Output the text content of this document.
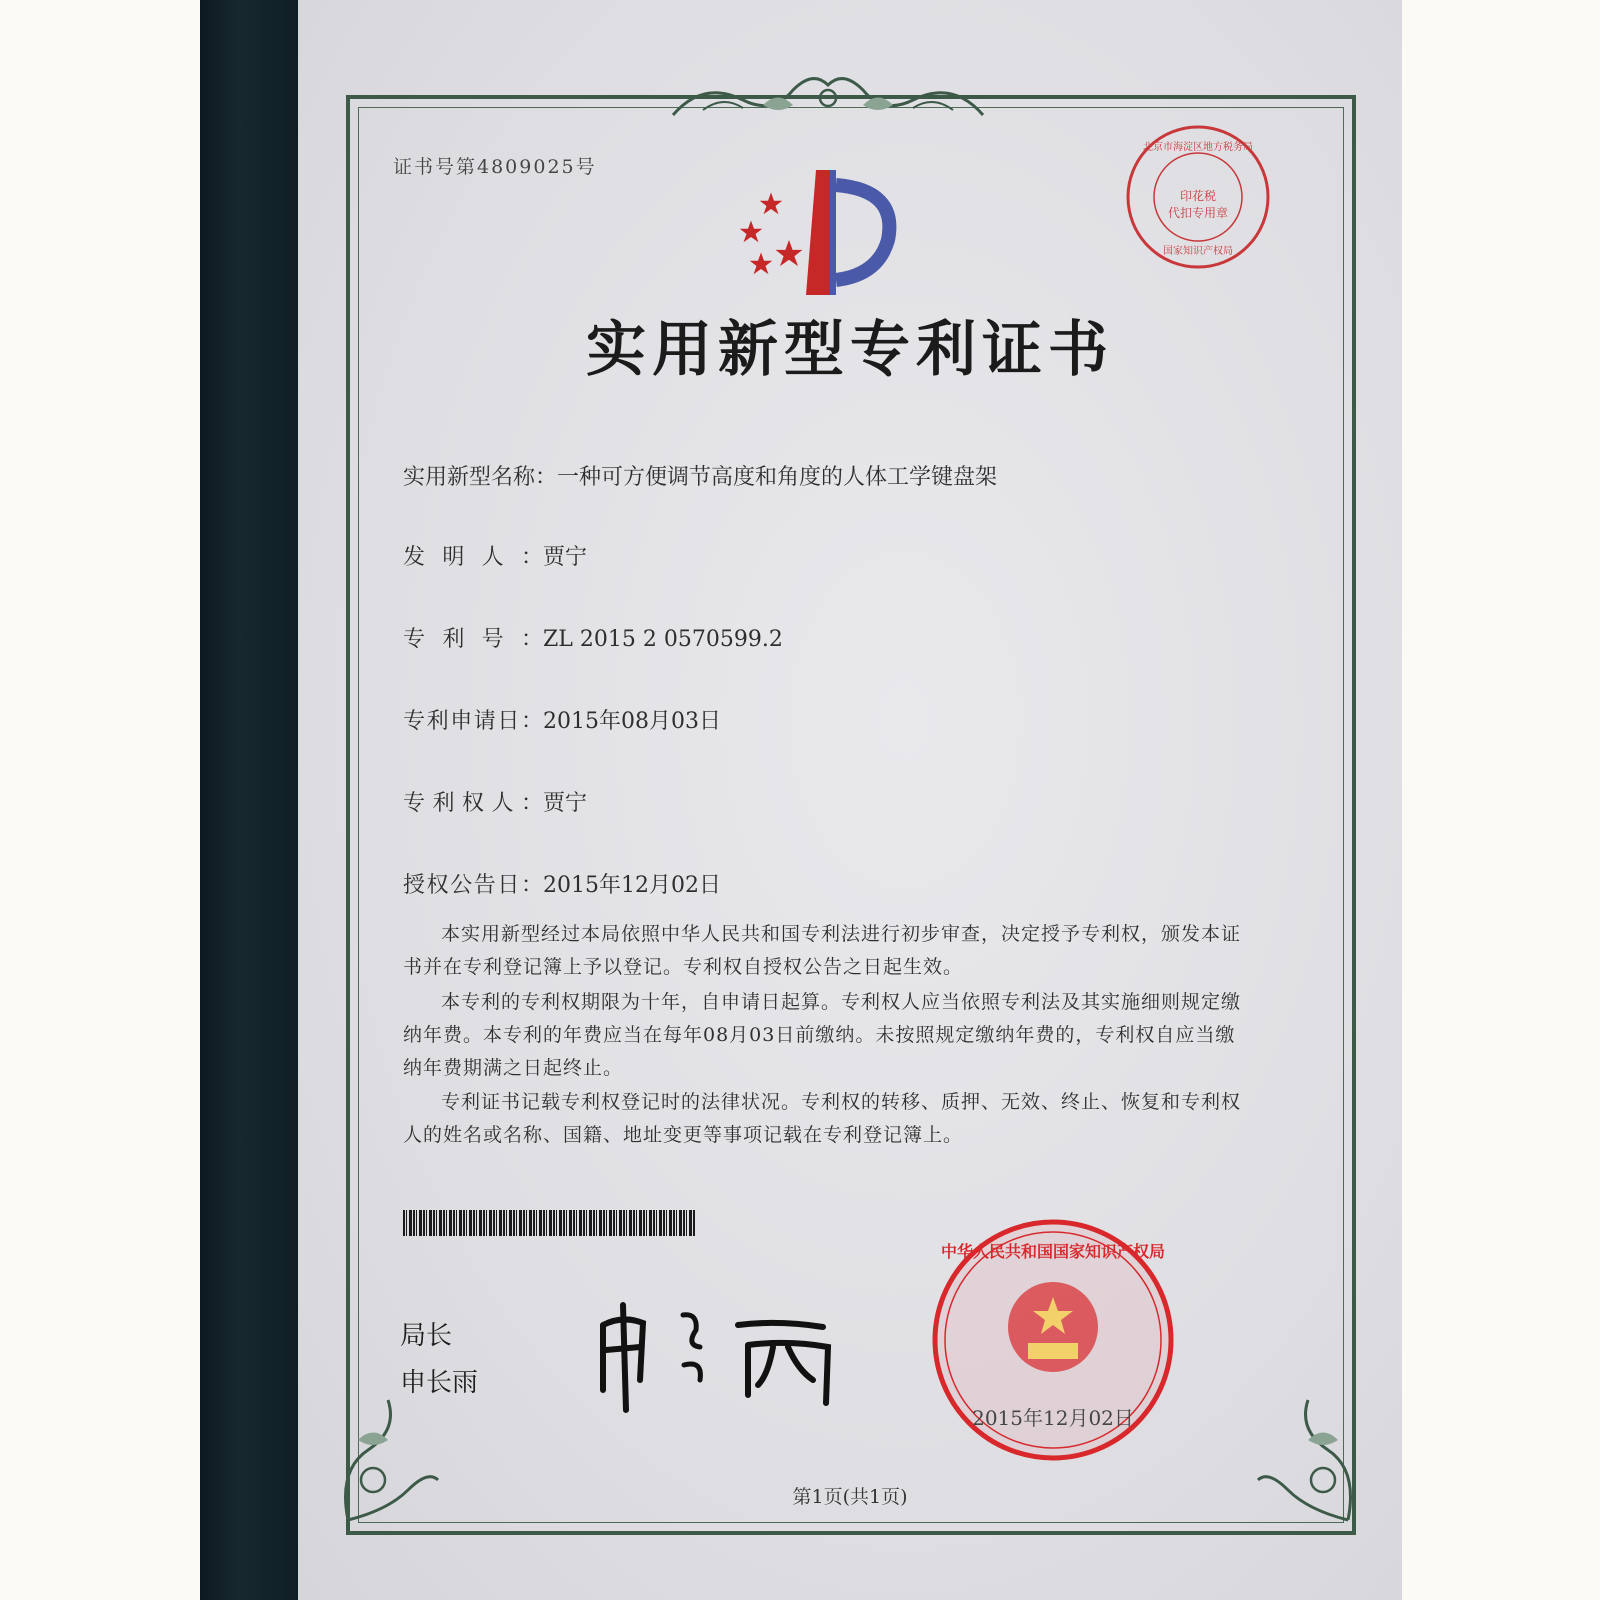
证书号第4809025号
印花税
代扣专用章
北京市海淀区地方税务局
国家知识产权局
实用新型专利证书
实用新型名称：一种可方便调节高度和角度的人体工学键盘架
发明人：贾宁
专利号：ZL 2015 2 0570599.2
专利申请日：2015年08月03日
专利权人：贾宁
授权公告日：2015年12月02日
本实用新型经过本局依照中华人民共和国专利法进行初步审查，决定授予专利权，颁发本证书并在专利登记簿上予以登记。专利权自授权公告之日起生效。
本专利的专利权期限为十年，自申请日起算。专利权人应当依照专利法及其实施细则规定缴纳年费。本专利的年费应当在每年08月03日前缴纳。未按照规定缴纳年费的，专利权自应当缴纳年费期满之日起终止。
专利证书记载专利权登记时的法律状况。专利权的转移、质押、无效、终止、恢复和专利权人的姓名或名称、国籍、地址变更等事项记载在专利登记簿上。
局长
申长雨
中华人民共和国国家知识产权局
2015年12月02日
第1页(共1页)
